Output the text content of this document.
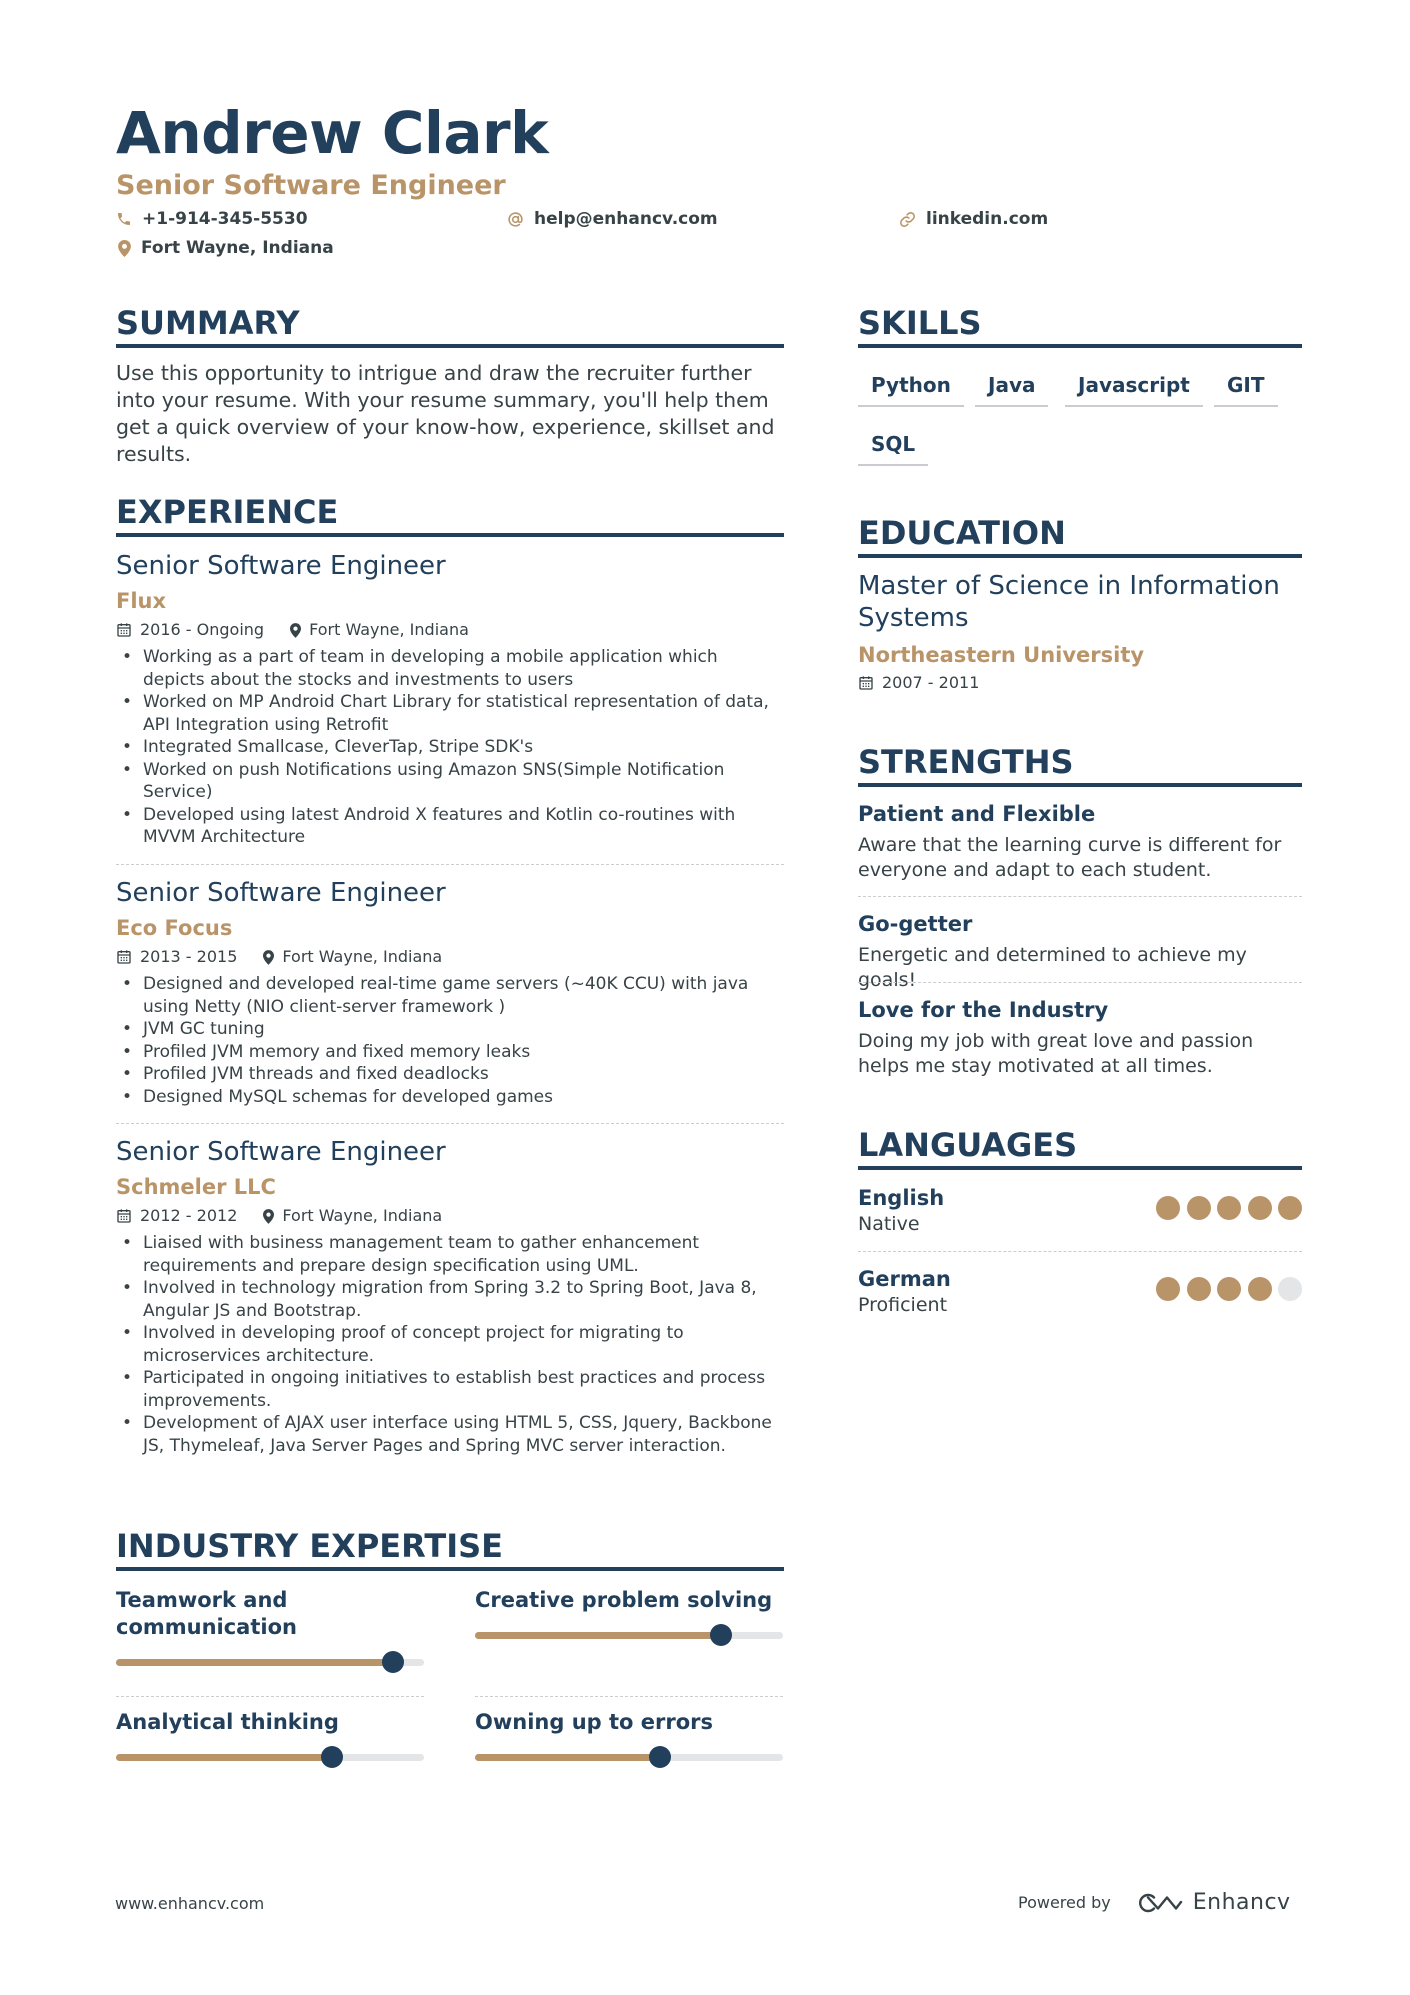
Andrew Clark
Senior Software Engineer
+1-914-345-5530	help@enhancv.com	linkedin.com
Fort Wayne, Indiana
SUMMARY
Use this opportunity to intrigue and draw the recruiter further into your resume. With your resume summary, you'll help them get a quick overview of your know-how, experience, skillset and results.
EXPERIENCE
Senior Software Engineer
Flux
2016 - Ongoing	Fort Wayne, Indiana
• Working as a part of team in developing a mobile application which depicts about the stocks and investments to users
• Worked on MP Android Chart Library for statistical representation of data, API Integration using Retrofit
• Integrated Smallcase, CleverTap, Stripe SDK's
• Worked on push Notifications using Amazon SNS(Simple Notification Service)
• Developed using latest Android X features and Kotlin co-routines with MVVM Architecture
Senior Software Engineer
Eco Focus
2013 - 2015	Fort Wayne, Indiana
• Designed and developed real-time game servers (~40K CCU) with java using Netty (NIO client-server framework )
• JVM GC tuning
• Profiled JVM memory and fixed memory leaks
• Profiled JVM threads and fixed deadlocks
• Designed MySQL schemas for developed games
Senior Software Engineer
Schmeler LLC
2012 - 2012	Fort Wayne, Indiana
• Liaised with business management team to gather enhancement requirements and prepare design specification using UML.
• Involved in technology migration from Spring 3.2 to Spring Boot, Java 8, Angular JS and Bootstrap.
• Involved in developing proof of concept project for migrating to microservices architecture.
• Participated in ongoing initiatives to establish best practices and process improvements.
• Development of AJAX user interface using HTML 5, CSS, Jquery, Backbone JS, Thymeleaf, Java Server Pages and Spring MVC server interaction.
INDUSTRY EXPERTISE
Teamwork and communication
Creative problem solving
Analytical thinking	Owning up to errors
SKILLS
Python	Java	Javascript	GIT
SQL
EDUCATION
Master of Science in Information Systems
Northeastern University
2007 - 2011
STRENGTHS
Patient and Flexible
Aware that the learning curve is different for everyone and adapt to each student.
Go-getter
Energetic and determined to achieve my goals!
Love for the Industry
Doing my job with great love and passion helps me stay motivated at all times.
LANGUAGES
English
Native
German
Proficient
www.enhancv.com	Powered by	Enhancv
